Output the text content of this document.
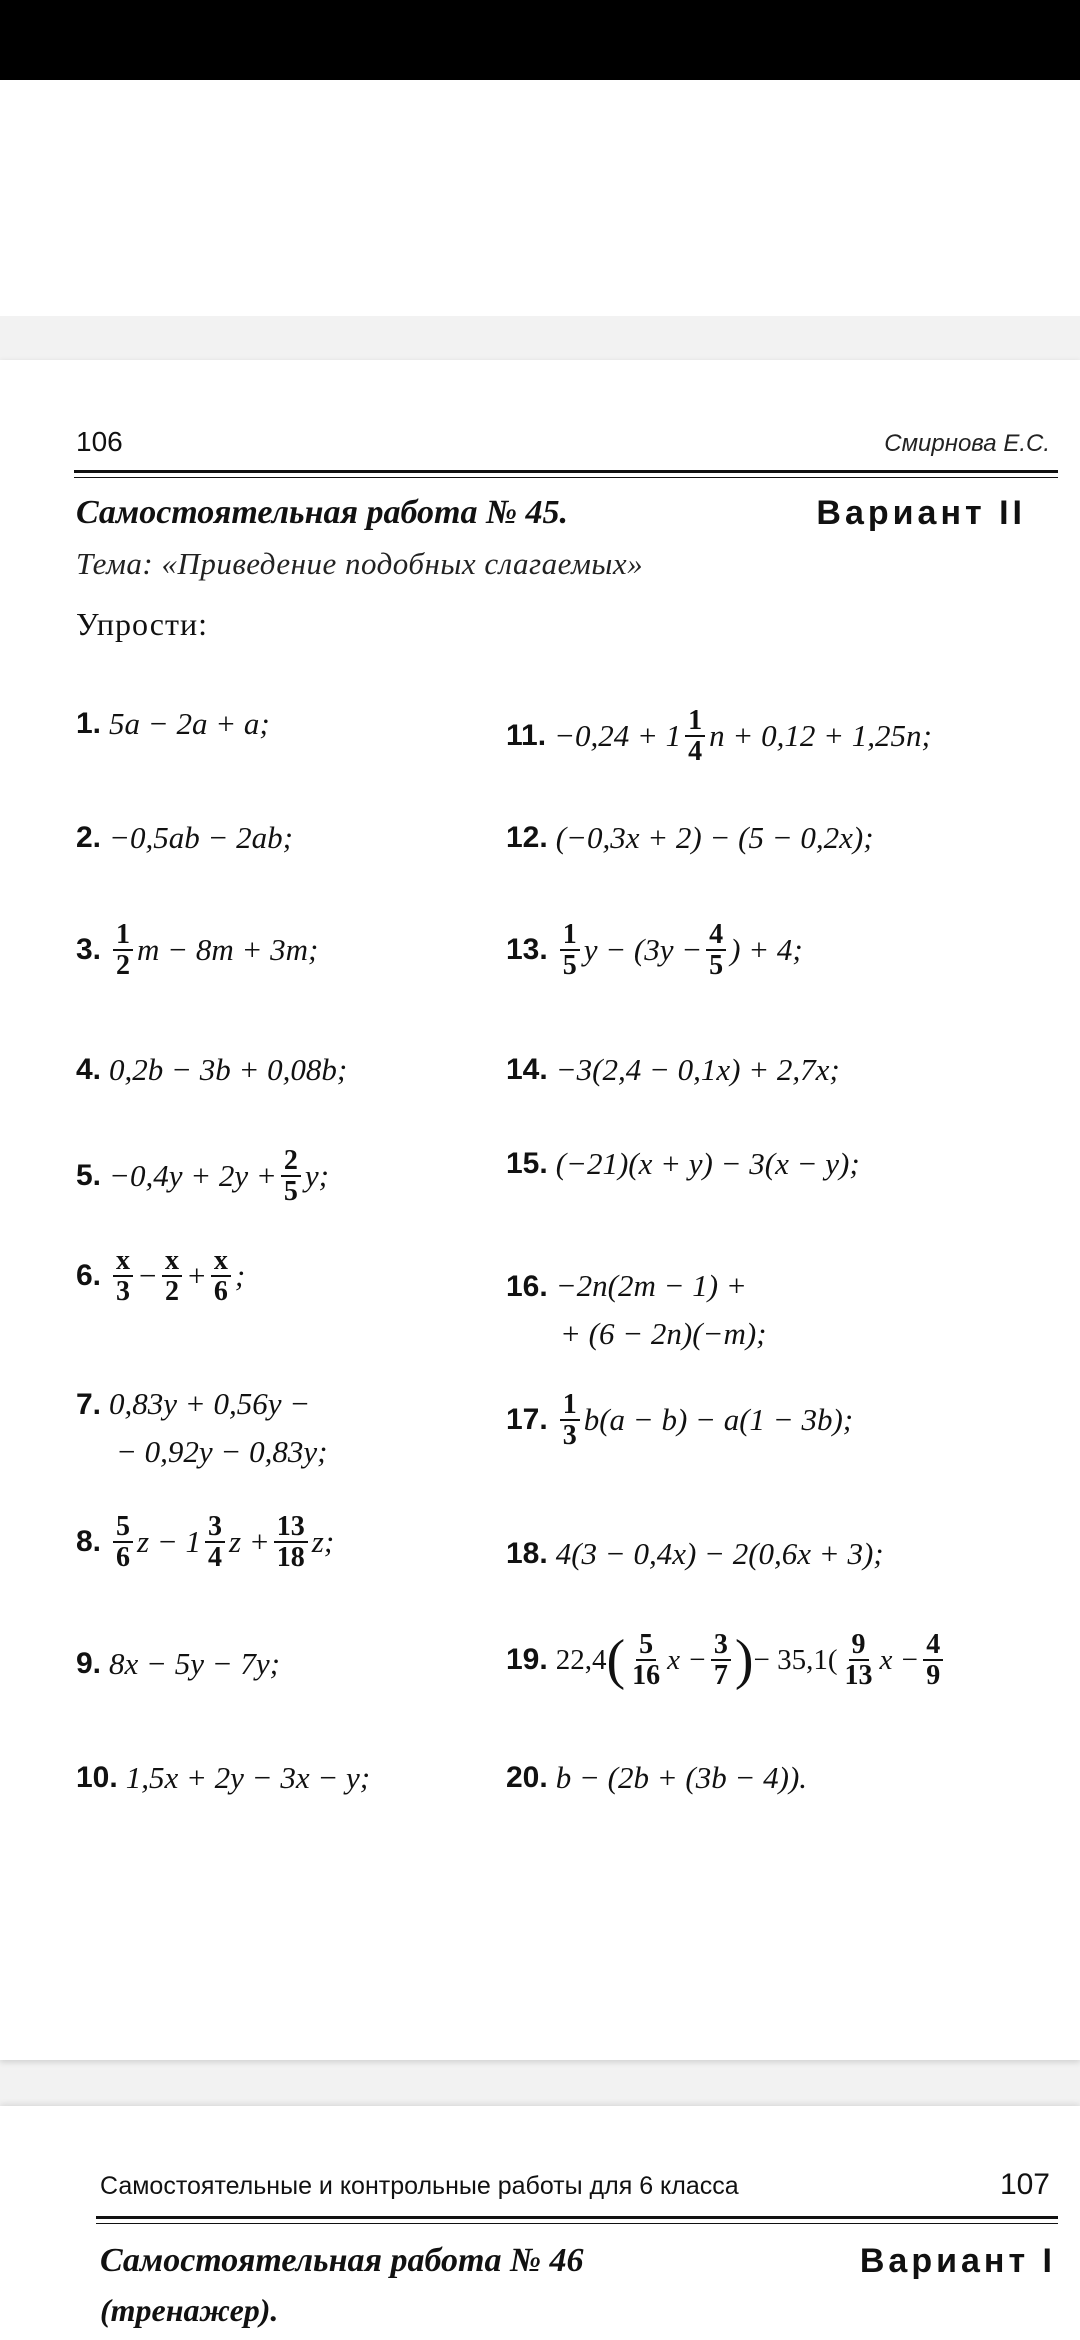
106	Смирнова Е.С.
Самостоятельная работа № 45.	Вариант II
Тема: «Приведение подобных слагаемых»
Упрости:
1. 5a − 2a + a;
2. −0,5ab − 2ab;
3. $\frac{1}{2}$ m − 8m + 3m;
4. 0,2b − 3b + 0,08b;
5. $-0,4y + 2y + \frac{2}{5} y$;
6. $\frac{x}{3} - \frac{x}{2} + \frac{x}{6}$ ;
7. 0,83y + 0,56y −
− 0,92y − 0,83y;
8. $\frac{5}{6}$ $z - 1 \frac{3}{4}$ $z + \frac{13}{18} z$;
9. 8x − 5y − 7y;
10. 1,5x + 2y − 3x − y;
11. $-0,24 + 1 \frac{1}{4}$ n + 0,12 + 1,25n;
12. (−0,3x + 2) − (5 − 0,2x);
13. $\frac{1}{5}$ $y - (3y - \frac{4}{5}$ ) + 4;
14. −3(2,4 − 0,1x) + 2,7x;
15. (−21)(x + y) − 3(x − y);
16. −2n(2m − 1) +
+ (6 − 2n)(−m);
17. $\frac{1}{3} b(a - b) - a(1 - 3b)$;
18. 4(3 − 0,4x) − 2(0,6x + 3);
19. 22,4 ( $\frac{5}{16}$ $x - \frac{3}{7}$ ) − $35,1( \frac{9}{13}$ $x - \frac{4}{9}$
20. b − (2b + (3b − 4)).
Самостоятельные и контрольные работы для 6 класса	107
Самостоятельная работа № 46	Вариант I
(тренажер).
